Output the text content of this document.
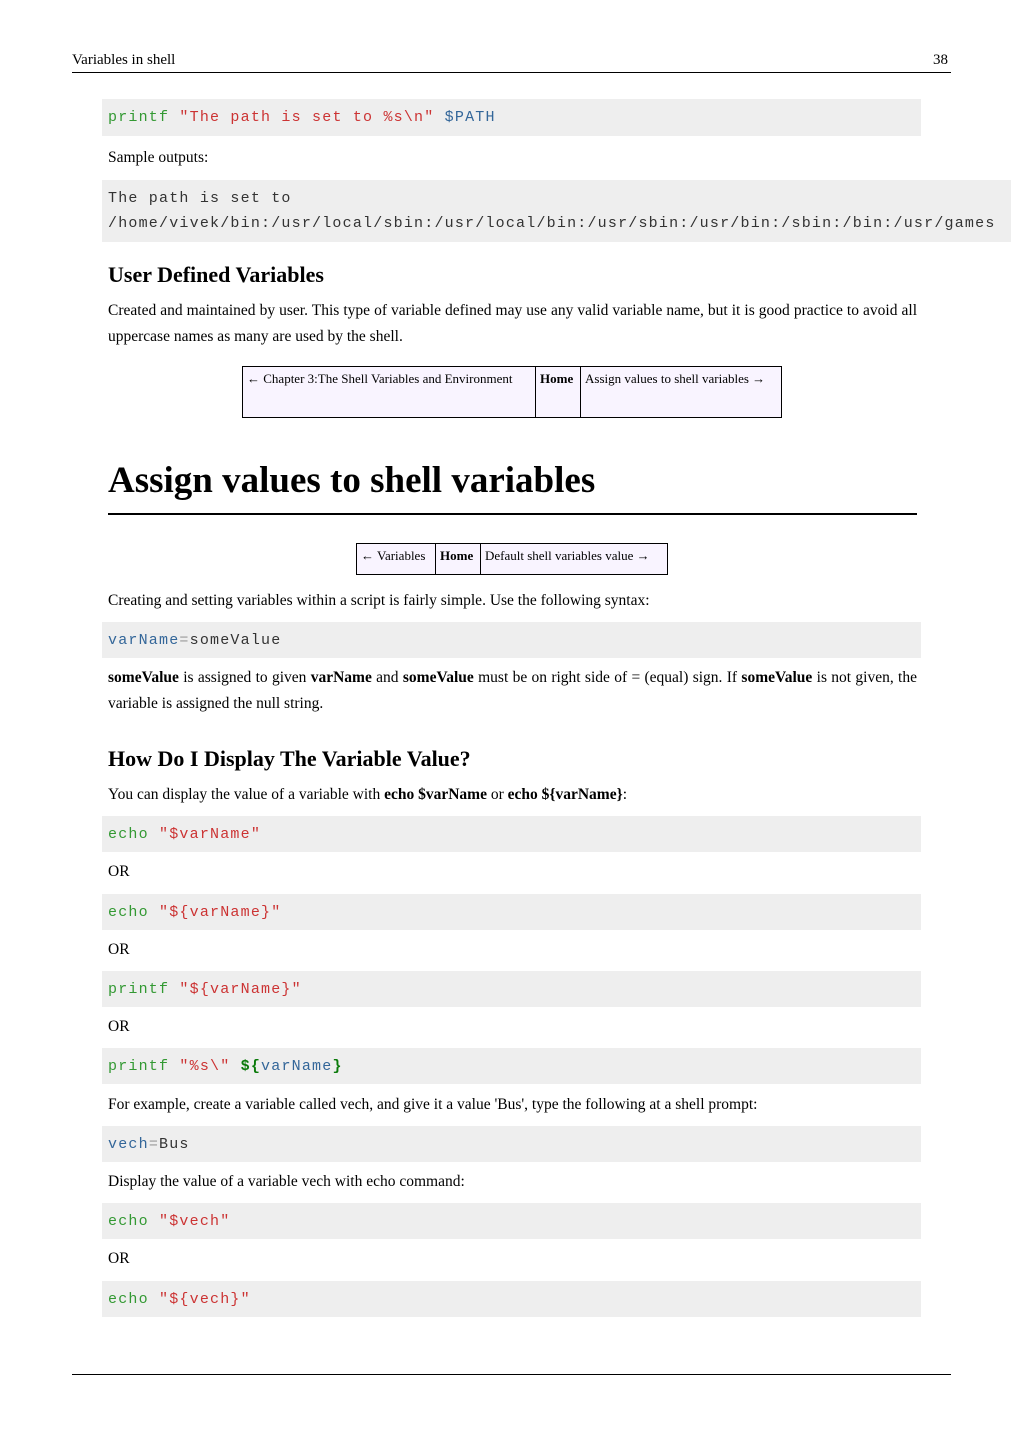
Variables in shell	38
printf "The path is set to %s\n" $PATH
Sample outputs:
The path is set to
/home/vivek/bin:/usr/local/sbin:/usr/local/bin:/usr/sbin:/usr/bin:/sbin:/bin:/usr/games
User Defined Variables
Created and maintained by user. This type of variable defined may use any valid variable name, but it is good practice to avoid all uppercase names as many are used by the shell.
← Chapter 3:The Shell Variables and Environment	Home	Assign values to shell variables →
Assign values to shell variables
← Variables	Home	Default shell variables value →
Creating and setting variables within a script is fairly simple. Use the following syntax:
varName=someValue
someValue is assigned to given varName and someValue must be on right side of = (equal) sign. If someValue is not given, the variable is assigned the null string.
How Do I Display The Variable Value?
You can display the value of a variable with echo $varName or echo ${varName}:
echo "$varName"
OR
echo "${varName}"
OR
printf "${varName}"
OR
printf "%s\" ${varName}
For example, create a variable called vech, and give it a value 'Bus', type the following at a shell prompt:
vech=Bus
Display the value of a variable vech with echo command:
echo "$vech"
OR
echo "${vech}"
